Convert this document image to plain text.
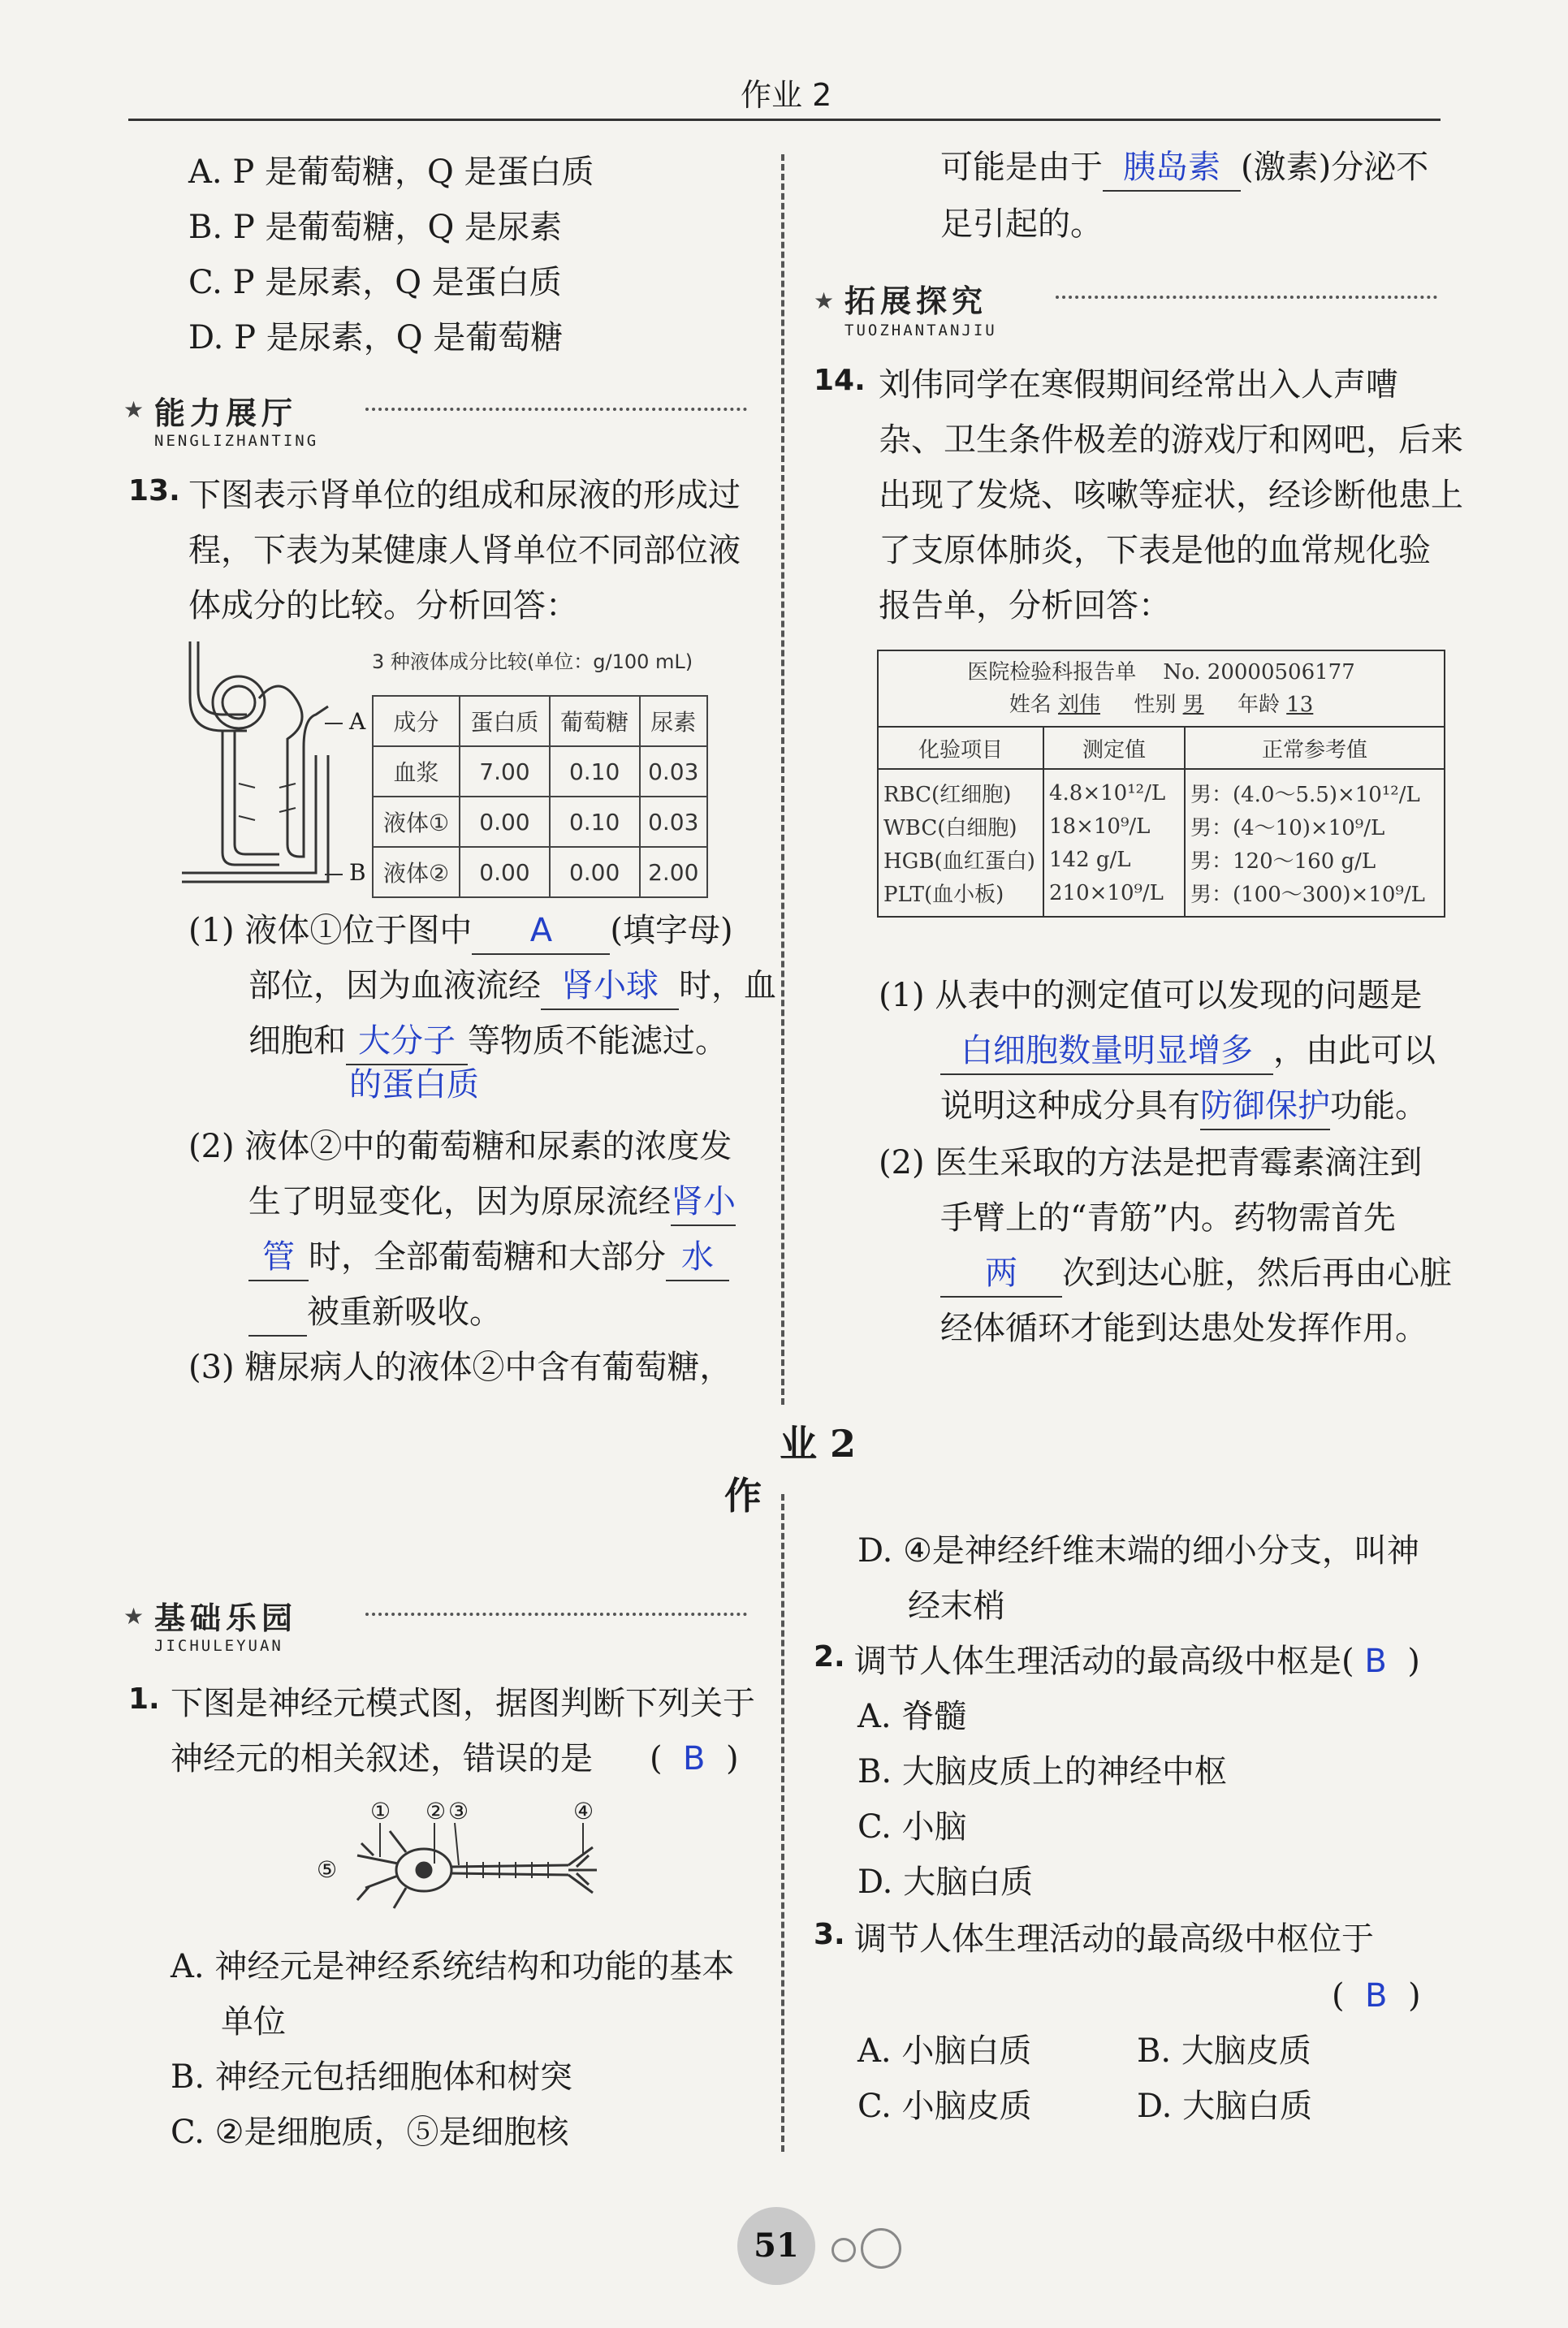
作业 2
A. P 是葡萄糖，Q 是蛋白质
B. P 是葡萄糖，Q 是尿素
C. P 是尿素，Q 是蛋白质
D. P 是尿素，Q 是葡萄糖
★ 能力展厅
NENGLIZHANTING
13. 下图表示肾单位的组成和尿液的形成过
程，下表为某健康人肾单位不同部位液
体成分的比较。分析回答：
A
B
3 种液体成分比较(单位：g/100 mL)
成分	蛋白质	葡萄糖	尿素
血浆	7.00	0.10	0.03
液体①	0.00	0.10	0.03
液体②	0.00	0.00	2.00
(1) 液体①位于图中 A (填字母)
部位，因为血液流经 肾小球 时，血
细胞和 大分子 等物质不能滤过。
的蛋白质
(2) 液体②中的葡萄糖和尿素的浓度发
生了明显变化，因为原尿流经肾小
管 时，全部葡萄糖和大部分 水
被重新吸收。
(3) 糖尿病人的液体②中含有葡萄糖，
可能是由于 胰岛素 (激素)分泌不
足引起的。
★ 拓展探究
TUOZHANTANJIU
14. 刘伟同学在寒假期间经常出入人声嘈
杂、卫生条件极差的游戏厅和网吧，后来
出现了发烧、咳嗽等症状，经诊断他患上
了支原体肺炎，下表是他的血常规化验
报告单，分析回答：
医院检验科报告单 No. 20000506177
姓名 刘伟 性别 男 年龄 13		
化验项目	测定值	正常参考值
RBC(红细胞)	4.8×10¹²/L	男：(4.0～5.5)×10¹²/L
WBC(白细胞)	18×10⁹/L	男：(4～10)×10⁹/L
HGB(血红蛋白)	142 g/L	男：120～160 g/L
PLT(血小板)	210×10⁹/L	男：(100～300)×10⁹/L
(1) 从表中的测定值可以发现的问题是
白细胞数量明显增多 ，由此可以
说明这种成分具有防御保护功能。
(2) 医生采取的方法是把青霉素滴注到
手臂上的“青筋”内。药物需首先
两 次到达心脏，然后再由心脏
经体循环才能到达患处发挥作用。
业 2
作
★ 基础乐园
JICHULEYUAN
1. 下图是神经元模式图，据图判断下列关于
神经元的相关叙述，错误的是 ( B )
① ② ③	④
⑤
A. 神经元是神经系统结构和功能的基本
单位
B. 神经元包括细胞体和树突
C. ②是细胞质，⑤是细胞核
D. ④是神经纤维末端的细小分支，叫神
经末梢
2. 调节人体生理活动的最高级中枢是( B )
A. 脊髓
B. 大脑皮质上的神经中枢
C. 小脑
D. 大脑白质
3. 调节人体生理活动的最高级中枢位于
( B )
A. 小脑白质	B. 大脑皮质
C. 小脑皮质	D. 大脑白质
51
